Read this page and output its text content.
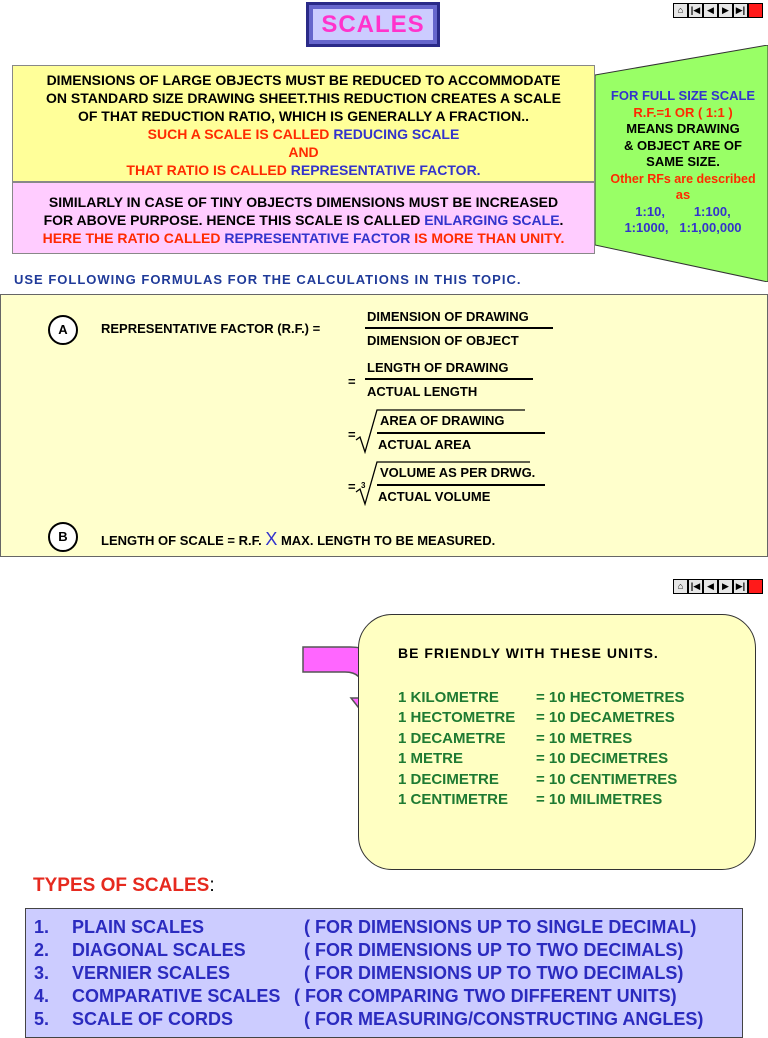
SCALES
⌂ |◀ ◀ ▶ ▶|
⌂ |◀ ◀ ▶ ▶|
DIMENSIONS OF LARGE OBJECTS MUST BE REDUCED TO ACCOMMODATE
ON STANDARD SIZE DRAWING SHEET.THIS REDUCTION CREATES A SCALE
OF THAT REDUCTION RATIO, WHICH IS GENERALLY A FRACTION..
SUCH A SCALE IS CALLED REDUCING SCALE
AND
THAT RATIO IS CALLED REPRESENTATIVE FACTOR.
SIMILARLY IN CASE OF TINY OBJECTS DIMENSIONS MUST BE INCREASED
FOR ABOVE PURPOSE. HENCE THIS SCALE IS CALLED ENLARGING SCALE.
HERE THE RATIO CALLED REPRESENTATIVE FACTOR IS MORE THAN UNITY.
FOR FULL SIZE SCALE
R.F.=1 OR ( 1:1 )
MEANS DRAWING
& OBJECT ARE OF
SAME SIZE.
Other RFs are described
as
1:10,        1:100,
1:1000,   1:1,00,000
USE FOLLOWING FORMULAS FOR THE CALCULATIONS IN THIS TOPIC.
A	REPRESENTATIVE FACTOR (R.F.) =
DIMENSION OF DRAWING
DIMENSION OF OBJECT
=
LENGTH OF DRAWING
ACTUAL LENGTH
=
AREA OF DRAWING
ACTUAL AREA
= 3
VOLUME AS PER DRWG.
ACTUAL VOLUME
B	LENGTH OF SCALE = R.F. X MAX. LENGTH TO BE MEASURED.
BE FRIENDLY WITH THESE UNITS.
1 KILOMETRE = 10 HECTOMETRES
1 HECTOMETRE = 10 DECAMETRES
1 DECAMETRE = 10 METRES
1 METRE	= 10 DECIMETRES
1 DECIMETRE = 10 CENTIMETRES
1 CENTIMETRE = 10 MILIMETRES
TYPES OF SCALES:
1. PLAIN SCALES	( FOR DIMENSIONS UP TO SINGLE DECIMAL)
2. DIAGONAL SCALES	( FOR DIMENSIONS UP TO TWO DECIMALS)
3. VERNIER SCALES	( FOR DIMENSIONS UP TO TWO DECIMALS)
4. COMPARATIVE SCALES ( FOR COMPARING TWO DIFFERENT UNITS)
5. SCALE OF CORDS	( FOR MEASURING/CONSTRUCTING ANGLES)
